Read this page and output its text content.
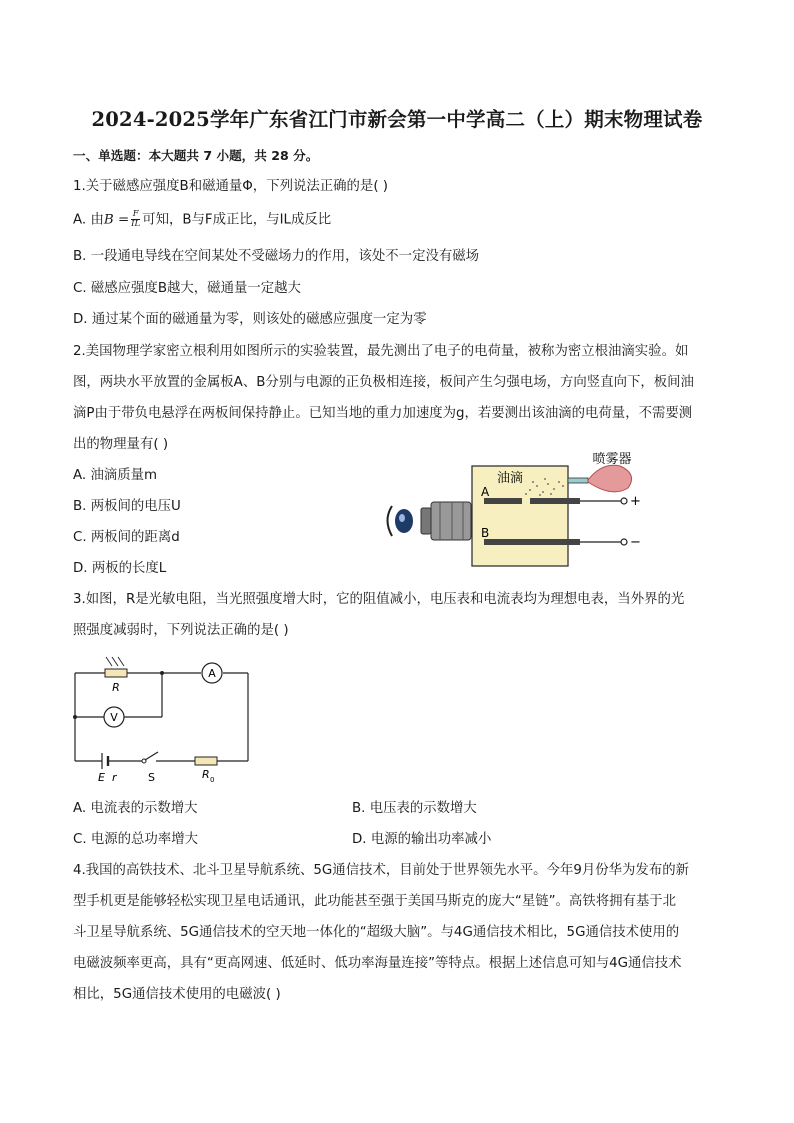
2024-2025学年广东省江门市新会第一中学高二（上）期末物理试卷
一、单选题：本大题共 7 小题，共 28 分。
1.关于磁感应强度B和磁通量Φ，下列说法正确的是( )
A. 由$B = \frac{F}{IL}$ 可知，B与F成正比，与IL成反比
B. 一段通电导线在空间某处不受磁场力的作用，该处不一定没有磁场
C. 磁感应强度B越大，磁通量一定越大
D. 通过某个面的磁通量为零，则该处的磁感应强度一定为零
2.美国物理学家密立根利用如图所示的实验装置，最先测出了电子的电荷量，被称为密立根油滴实验。如
图，两块水平放置的金属板A、B分别与电源的正负极相连接，板间产生匀强电场，方向竖直向下，板间油
滴P由于带负电悬浮在两板间保持静止。已知当地的重力加速度为g，若要测出该油滴的电荷量，不需要测
出的物理量有( )
A. 油滴质量m
B. 两板间的电压U
C. 两板间的距离d
D. 两板的长度L
喷雾器
油滴
A
B
+
−
3.如图，R是光敏电阻，当光照强度增大时，它的阻值减小，电压表和电流表均为理想电表，当外界的光
照强度减弱时，下列说法正确的是( )
A
V
R
E r	S	R 0
A. 电流表的示数增大	B. 电压表的示数增大
C. 电源的总功率增大	D. 电源的输出功率减小
4.我国的高铁技术、北斗卫星导航系统、5G通信技术，目前处于世界领先水平。今年9月份华为发布的新
型手机更是能够轻松实现卫星电话通讯，此功能甚至强于美国马斯克的庞大“星链”。高铁将拥有基于北
斗卫星导航系统、5G通信技术的空天地一体化的“超级大脑”。与4G通信技术相比，5G通信技术使用的
电磁波频率更高，具有“更高网速、低延时、低功率海量连接”等特点。根据上述信息可知与4G通信技术
相比，5G通信技术使用的电磁波( )
